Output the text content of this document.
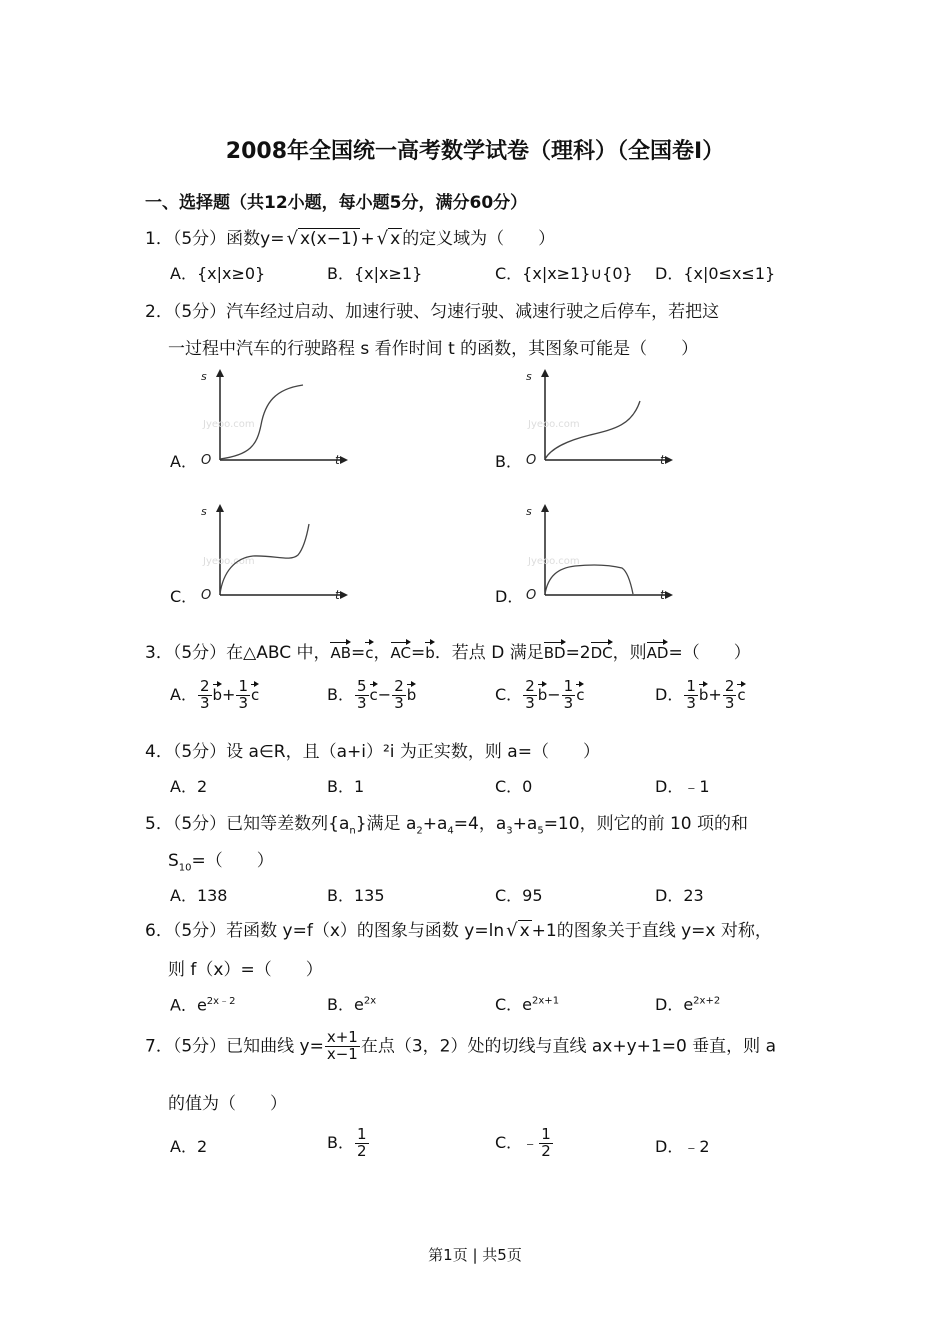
2008年全国统一高考数学试卷（理科）（全国卷Ⅰ）
一、选择题（共12小题，每小题5分，满分60分）
1．（5分）函数y= √ x(x−1) + √ x 的定义域为（　　）
A．{x|x≥0}	B．{x|x≥1}	C．{x|x≥1}∪{0} D．{x|0≤x≤1}
2．（5分）汽车经过启动、加速行驶、匀速行驶、减速行驶之后停车，若把这
一过程中汽车的行驶路程 s 看作时间 t 的函数，其图象可能是（　　）
A．	B．
C．	D．
s
t
O
Jyeoo.com
s
t
O
Jyeoo.com
s
t
O
Jyeoo.com
s
t
O
Jyeoo.com
3．（5分）在△ABC 中，AB=c，AC=b．若点 D 满足BD=2DC，则AD=（　　）
A． $\frac{2}{3} b+ \frac{1}{3}$ c	B． $\frac{5}{3} c- \frac{2}{3}$ b	C． $\frac{2}{3} b- \frac{1}{3}$ c	D． $\frac{1}{3} b+ \frac{2}{3}$ c
4．（5分）设 a∈R，且（a+i）²i 为正实数，则 a=（　　）
A．2	B．1	C．0	D．﹣1
5．（5分）已知等差数列$\{a_n\}$满足 $a_2+a_4=4$，$a_3+a_5=10$，则它的前 10 项的和
$S_{10}=$（　　）
A．138	B．135	C．95	D．23
6．（5分）若函数 y=f（x）的图象与函数 y=ln √ x +1的图象关于直线 y=x 对称，
则 f（x）=（　　）
A．$e^{2x﹣2}$	B．$e^{2x}$	C．$e^{2x+1}$	D．$e^{2x+2}$
7．（5分）已知曲线 $y= \frac{x+1}{x-1}$ 在点（3，2）处的切线与直线 ax+y+1=0 垂直，则 a
的值为（　　）
A．2	B． $\frac{1}{2}$	C．﹣ $\frac{1}{2}$	D．﹣2
第1页 | 共5页
